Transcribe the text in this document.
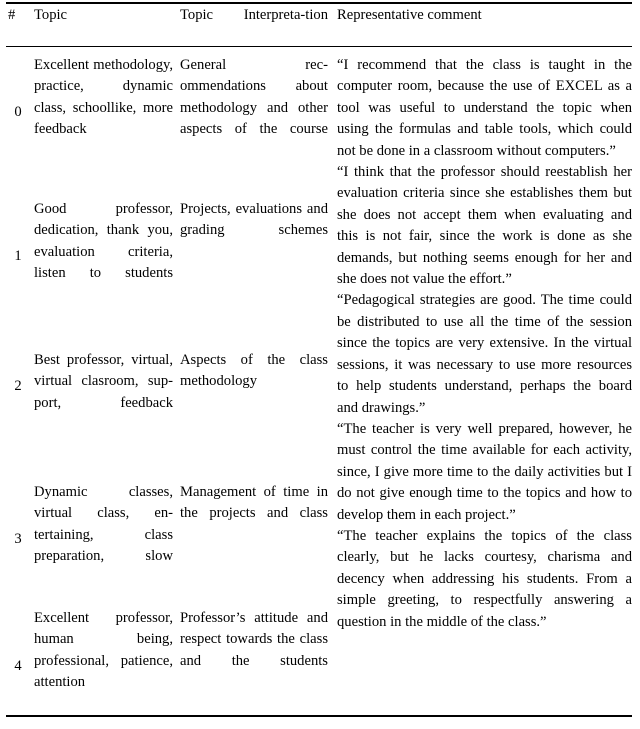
#	Topic	Topic Interpreta-tion Representative comment
0
Excellent methodology, practice, dynamic class, schoollike, more feedback
General recommendations about methodology and other aspects of the course
1
Good professor, dedication, thank you, evaluation criteria, listen to students
Projects, evaluations and grading schemes
2
Best professor, virtual, virtual clasroom, support, feedback
Aspects of the class methodology
3
Dynamic classes, virtual class, entertaining, class preparation, slow
Management of time in the projects and class
4
Excellent professor, human being, professional, patience, attention
Professor’s attitude and respect towards the class and the students

“I recommend that the class is taught in the computer room, because the use of EXCEL as a tool was useful to understand the topic when using the formulas and table tools, which could not be done in a classroom without computers.”

“I think that the professor should reestablish her evaluation criteria since she establishes them but she does not accept them when evaluating and this is not fair, since the work is done as she demands, but nothing seems enough for her and she does not value the effort.”

“Pedagogical strategies are good. The time could be distributed to use all the time of the session since the topics are very extensive. In the virtual sessions, it was necessary to use more resources to help students understand, perhaps the board and drawings.”

“The teacher is very well prepared, however, he must control the time available for each activity, since, I give more time to the daily activities but I do not give enough time to the topics and how to develop them in each project.”

“The teacher explains the topics of the class clearly, but he lacks courtesy, charisma and decency when addressing his students. From a simple greeting, to respectfully answering a question in the middle of the class.”
